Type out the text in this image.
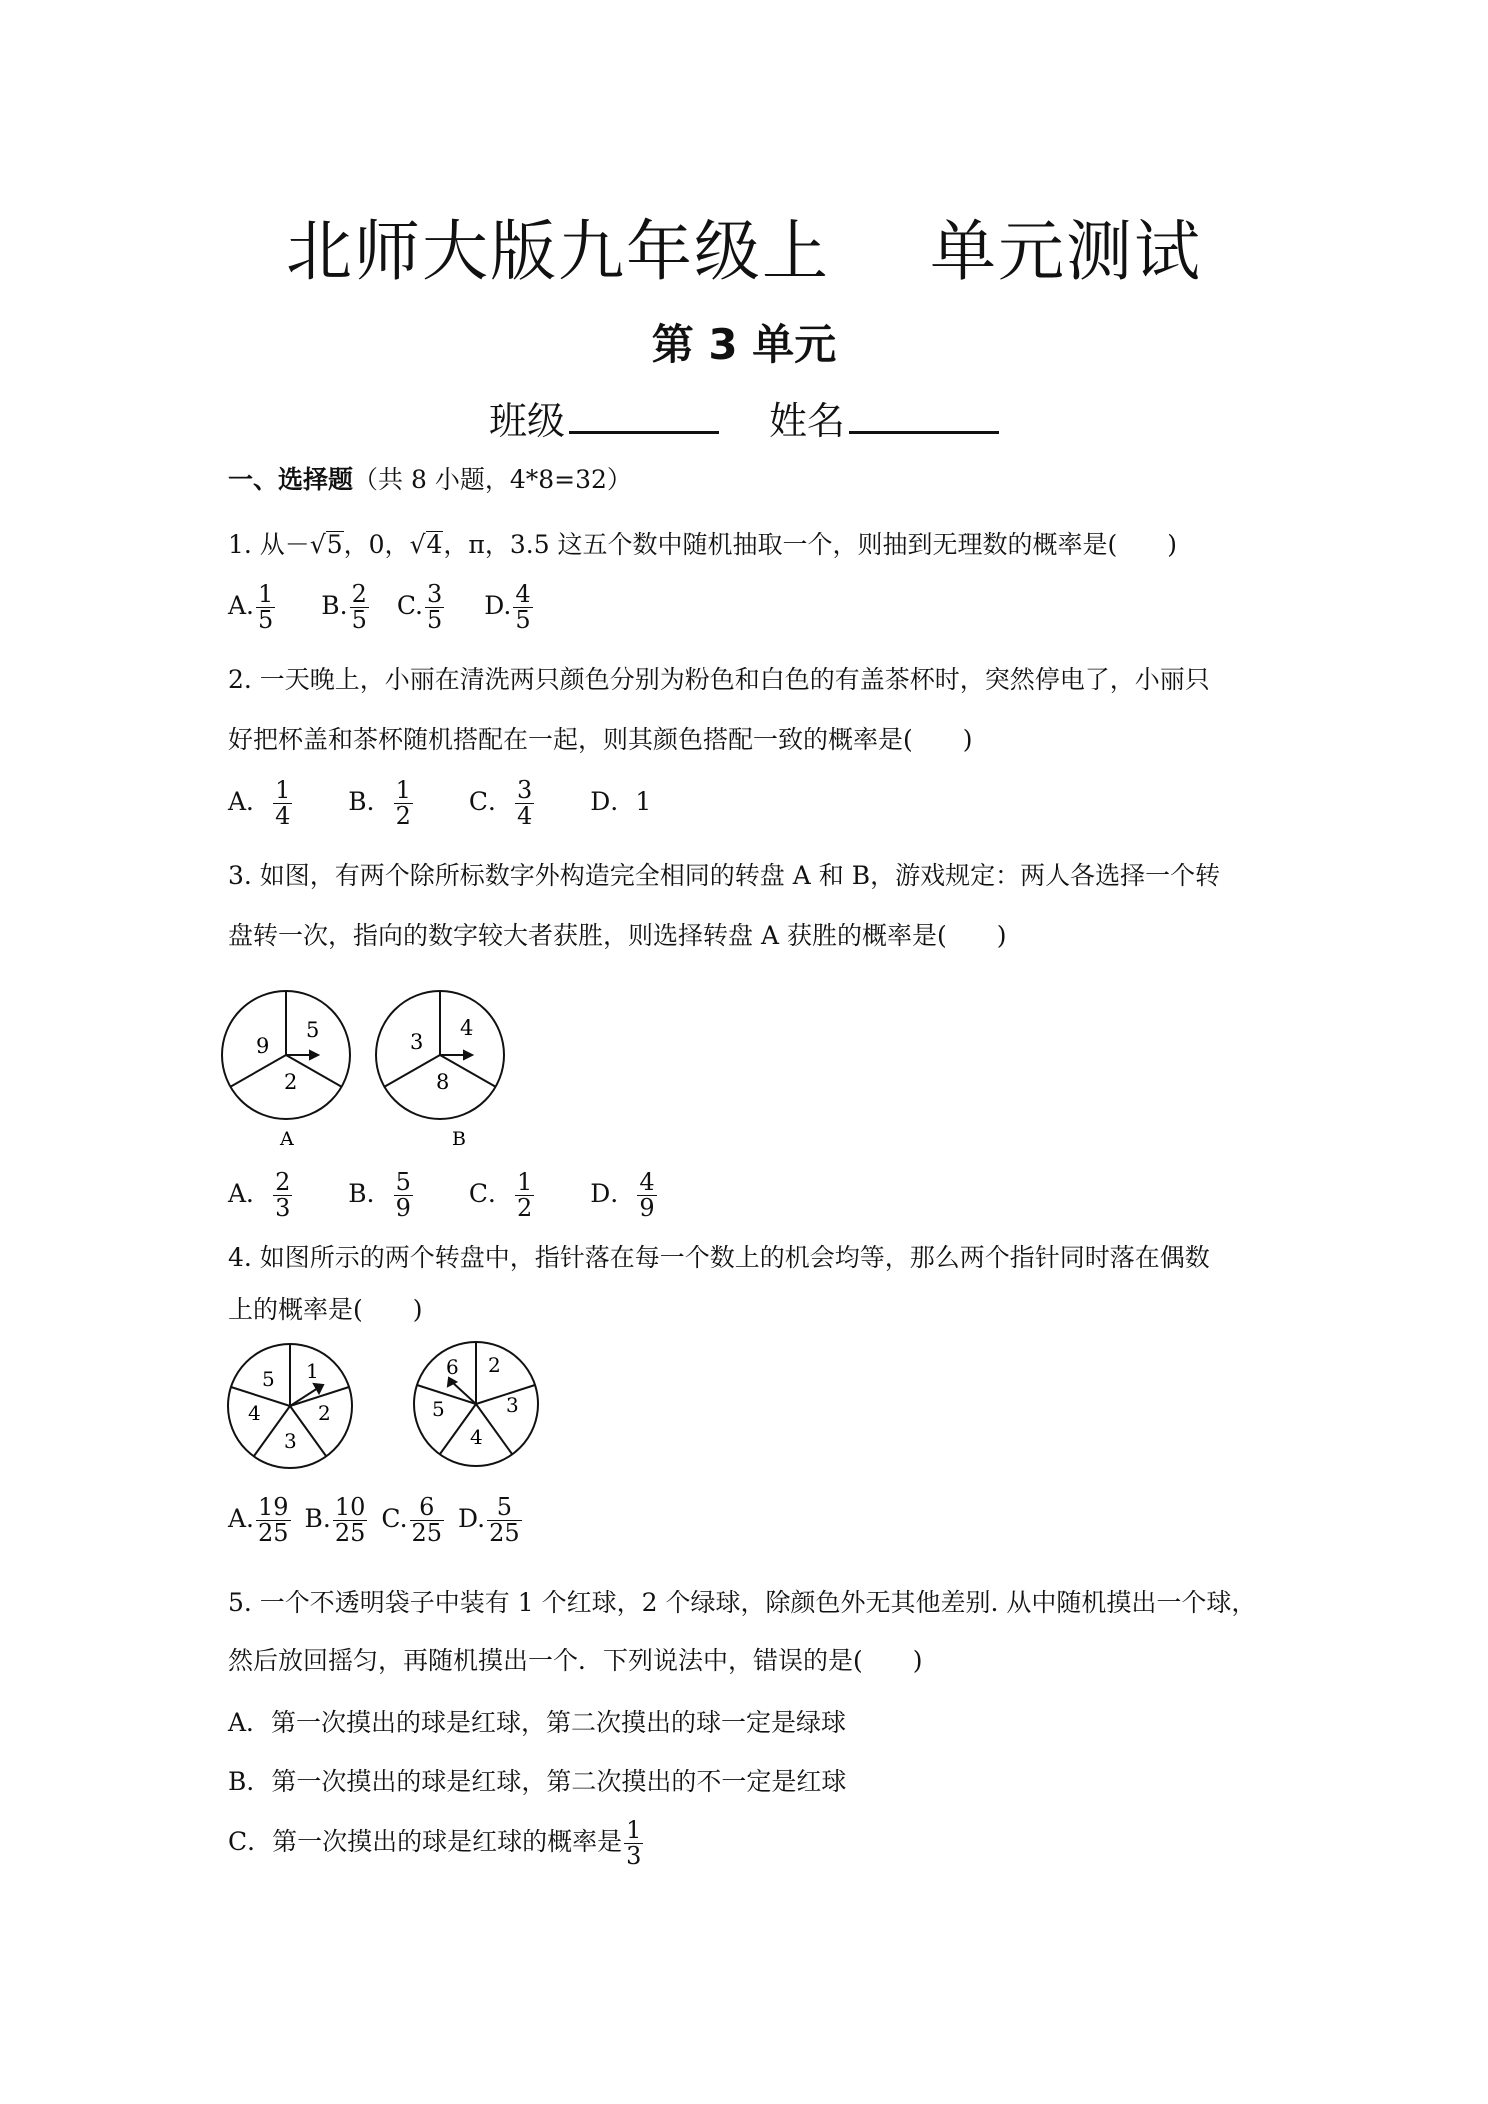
北师大版九年级上 单元测试
第 3 单元
班级	姓名
一、选择题（共 8 小题，4*8=32）
1. 从－√5，0，√4，π，3.5 这五个数中随机抽取一个，则抽到无理数的概率是(　　)
A. $\frac{1}{5} B$. $\frac{2}{5} C$. $\frac{3}{5} D$. $\frac{4}{5}$
2. 一天晚上，小丽在清洗两只颜色分别为粉色和白色的有盖茶杯时，突然停电了，小丽只
好把杯盖和茶杯随机搭配在一起，则其颜色搭配一致的概率是(　　)
A． $\frac{1}{4}$ B． $\frac{1}{2}$ C． $\frac{3}{4}$ D．1
3. 如图，有两个除所标数字外构造完全相同的转盘 A 和 B，游戏规定：两人各选择一个转
盘转一次，指向的数字较大者获胜，则选择转盘 A 获胜的概率是(　　)
9
5
2
A
3
4
8
B
A． $\frac{2}{3}$ B． $\frac{5}{9}$ C． $\frac{1}{2}$ D． $\frac{4}{9}$
4. 如图所示的两个转盘中，指针落在每一个数上的机会均等，那么两个指针同时落在偶数
上的概率是(　　)
5 1
2
3
4
6 2
3
4
5
A. $\frac{19}{25} B$. $\frac{10}{25} C$. $\frac{6}{25} D$. $\frac{5}{25}$
5. 一个不透明袋子中装有 1 个红球，2 个绿球，除颜色外无其他差别. 从中随机摸出一个球，
然后放回摇匀，再随机摸出一个．下列说法中，错误的是(　　)
A．第一次摸出的球是红球，第二次摸出的球一定是绿球
B．第一次摸出的球是红球，第二次摸出的不一定是红球
C．第一次摸出的球是红球的概率是 $\frac{1}{3}$
